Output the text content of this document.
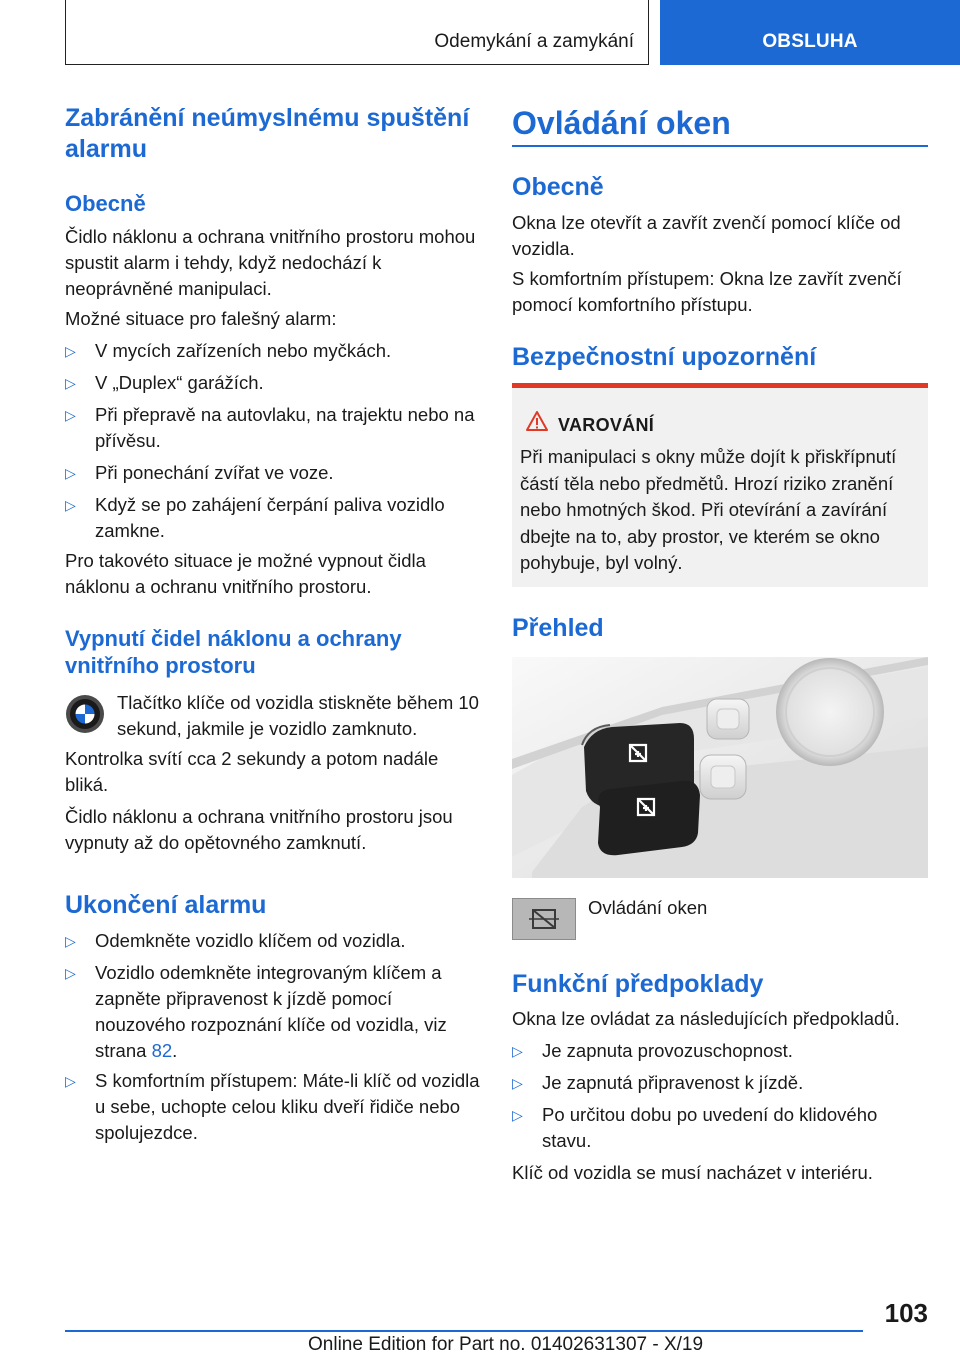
Odemykání a zamykání	OBSLUHA
Zabránění neúmyslnému spuštění alarmu
Obecně
Čidlo náklonu a ochrana vnitřního prostoru mohou spustit alarm i tehdy, když nedochází k neoprávněné manipulaci.
Možné situace pro falešný alarm:
▷ V mycích zařízeních nebo myčkách.
▷ V „Duplex“ garážích.
▷ Při přepravě na autovlaku, na trajektu nebo na přívěsu.
▷ Při ponechání zvířat ve voze.
▷ Když se po zahájení čerpání paliva vozidlo zamkne.
Pro takovéto situace je možné vypnout čidla náklonu a ochranu vnitřního prostoru.
Vypnutí čidel náklonu a ochrany vnitřního prostoru
Tlačítko klíče od vozidla stiskněte během 10 sekund, jakmile je vozidlo zamknuto.
Kontrolka svítí cca 2 sekundy a potom nadále bliká.
Čidlo náklonu a ochrana vnitřního prostoru jsou vypnuty až do opětovného zamknutí.
Ukončení alarmu
▷ Odemkněte vozidlo klíčem od vozidla.
▷ Vozidlo odemkněte integrovaným klíčem a zapněte připravenost k jízdě pomocí nouzového rozpoznání klíče od vozidla, viz strana 82.
▷ S komfortním přístupem: Máte-li klíč od vozidla u sebe, uchopte celou kliku dveří řidiče nebo spolujezdce.
Ovládání oken
Obecně
Okna lze otevřít a zavřít zvenčí pomocí klíče od vozidla.
S komfortním přístupem: Okna lze zavřít zvenčí pomocí komfortního přístupu.
Bezpečnostní upozornění
Přehled
Ovládání oken
Funkční předpoklady
Okna lze ovládat za následujících předpokladů.
▷ Je zapnuta provozuschopnost.
▷ Je zapnutá připravenost k jízdě.
▷ Po určitou dobu po uvedení do klidového stavu.
Klíč od vozidla se musí nacházet v interiéru.
VAROVÁNÍ
Při manipulaci s okny může dojít k přiskřípnutí částí těla nebo předmětů. Hrozí riziko zranění nebo hmotných škod. Při otevírání a zavírání dbejte na to, aby prostor, ve kterém se okno pohybuje, byl volný.
103
Online Edition for Part no. 01402631307 - X/19
